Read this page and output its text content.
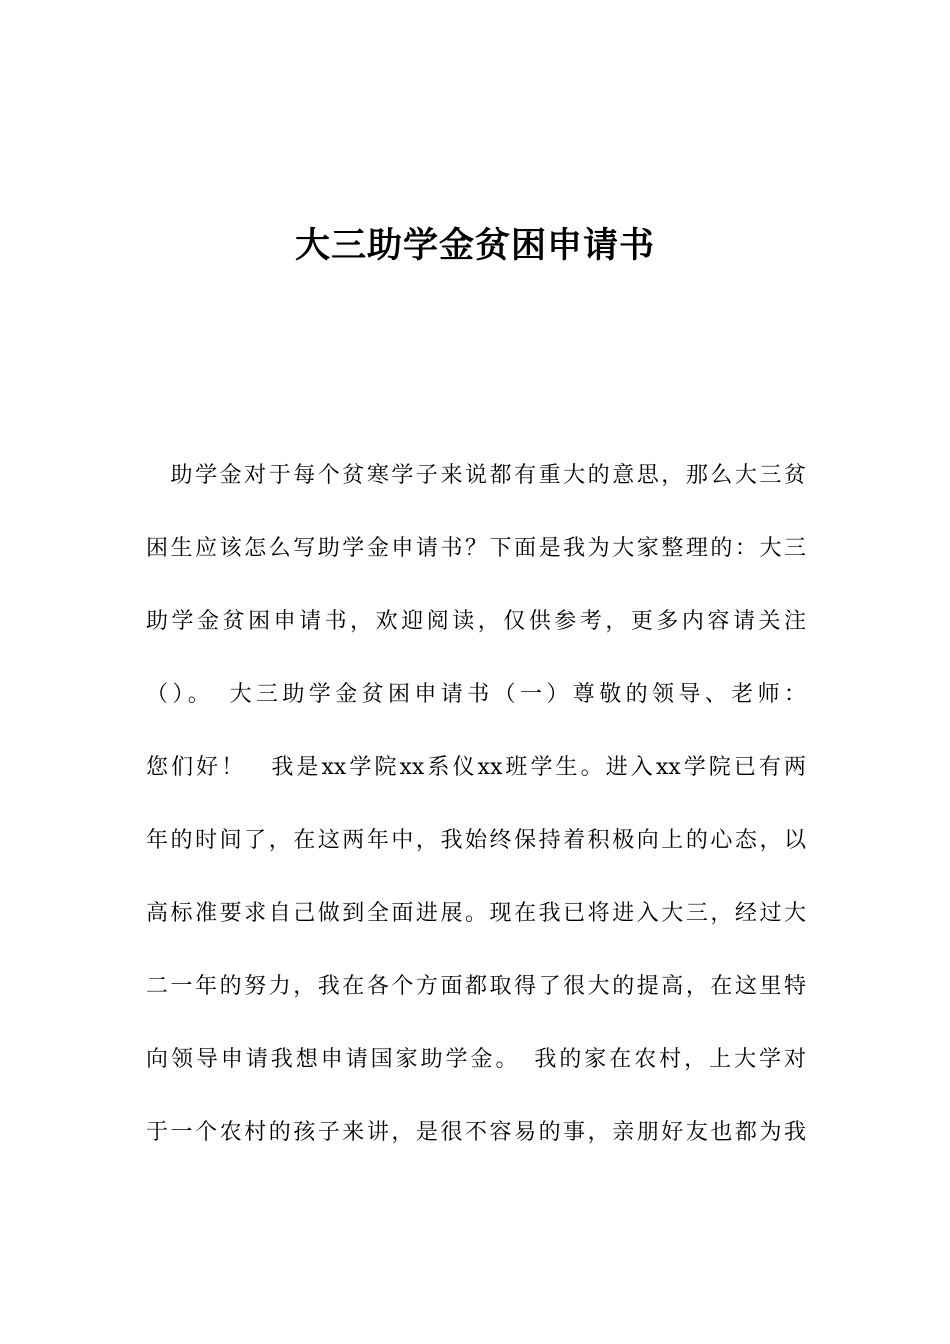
大三助学金贫困申请书
　助学金对于每个贫寒学子来说都有重大的意思，那么大三贫
困生应该怎么写助学金申请书？下面是我为大家整理的：大三
助学金贫困申请书，欢迎阅读，仅供参考，更多内容请关注
（）。　大三助学金贫困申请书（一）尊敬的领导、老师：
您们好！　我是xx学院xx系仪xx班学生。进入xx学院已有两
年的时间了，在这两年中，我始终保持着积极向上的心态，以
高标准要求自己做到全面进展。现在我已将进入大三，经过大
二一年的努力，我在各个方面都取得了很大的提高，在这里特
向领导申请我想申请国家助学金。　我的家在农村，上大学对
于一个农村的孩子来讲，是很不容易的事，亲朋好友也都为我
